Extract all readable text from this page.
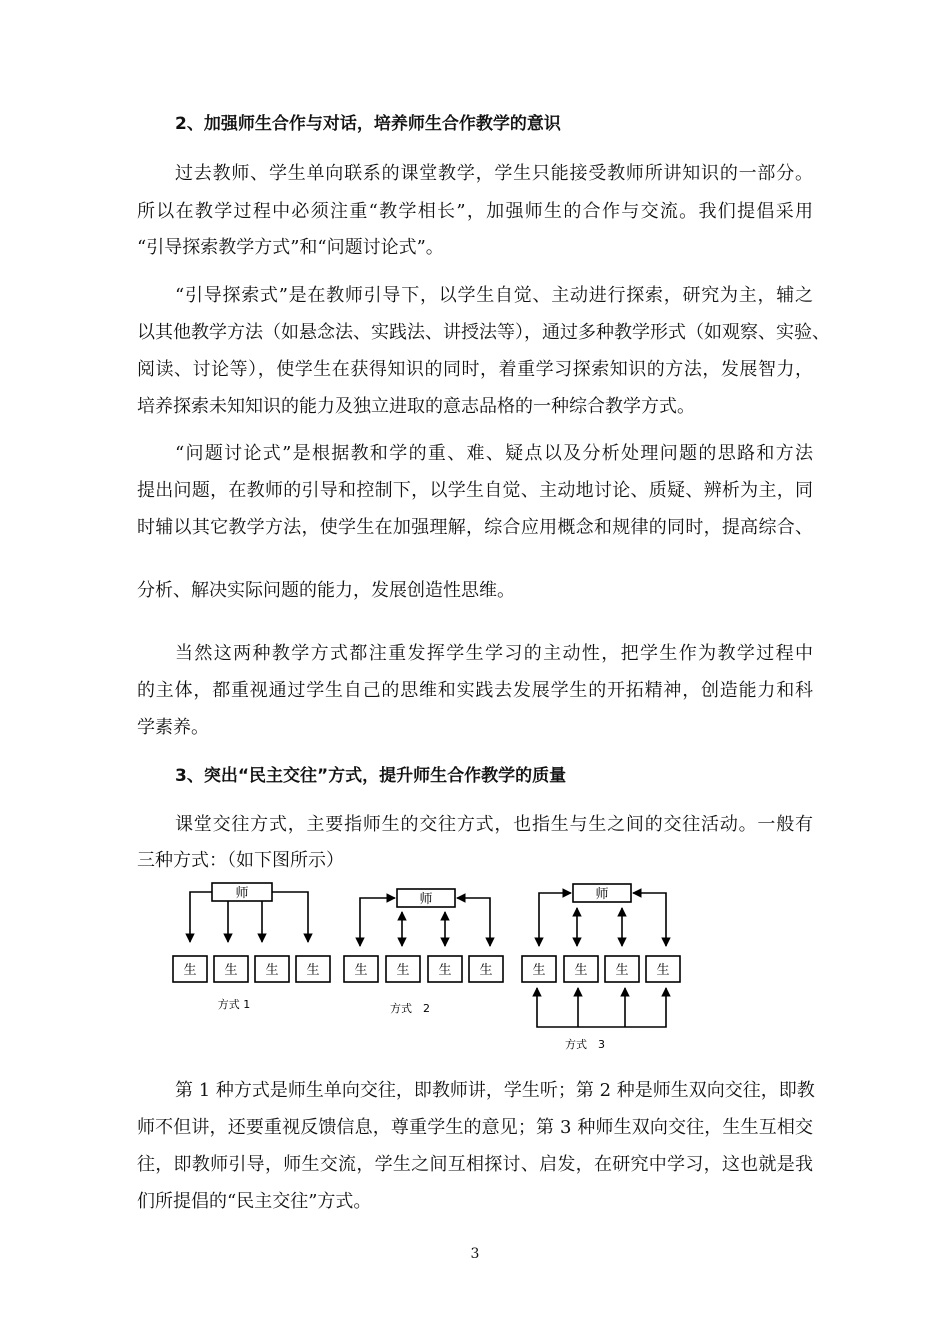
2、加强师生合作与对话，培养师生合作教学的意识
过去教师、学生单向联系的课堂教学，学生只能接受教师所讲知识的一部分。
所以在教学过程中必须注重“教学相长”，加强师生的合作与交流。我们提倡采用
“引导探索教学方式”和“问题讨论式”。
“引导探索式”是在教师引导下，以学生自觉、主动进行探索，研究为主，辅之
以其他教学方法（如悬念法、实践法、讲授法等），通过多种教学形式（如观察、实验、
阅读、讨论等），使学生在获得知识的同时，着重学习探索知识的方法，发展智力，
培养探索未知知识的能力及独立进取的意志品格的一种综合教学方式。
“问题讨论式”是根据教和学的重、难、疑点以及分析处理问题的思路和方法
提出问题，在教师的引导和控制下，以学生自觉、主动地讨论、质疑、辨析为主，同
时辅以其它教学方法，使学生在加强理解，综合应用概念和规律的同时，提高综合、
分析、解决实际问题的能力，发展创造性思维。
当然这两种教学方式都注重发挥学生学习的主动性，把学生作为教学过程中
的主体，都重视通过学生自己的思维和实践去发展学生的开拓精神，创造能力和科
学素养。
3、突出“民主交往”方式，提升师生合作教学的质量
课堂交往方式，主要指师生的交往方式，也指生与生之间的交往活动。一般有
三种方式：（如下图所示）
师
生 生 生 生
师
生 生 生 生
师
生 生 生 生
方式 1	方式　2
方式　3
第 1 种方式是师生单向交往，即教师讲，学生听；第 2 种是师生双向交往，即教
师不但讲，还要重视反馈信息，尊重学生的意见；第 3 种师生双向交往，生生互相交
往，即教师引导，师生交流，学生之间互相探讨、启发，在研究中学习，这也就是我
们所提倡的“民主交往”方式。
3
